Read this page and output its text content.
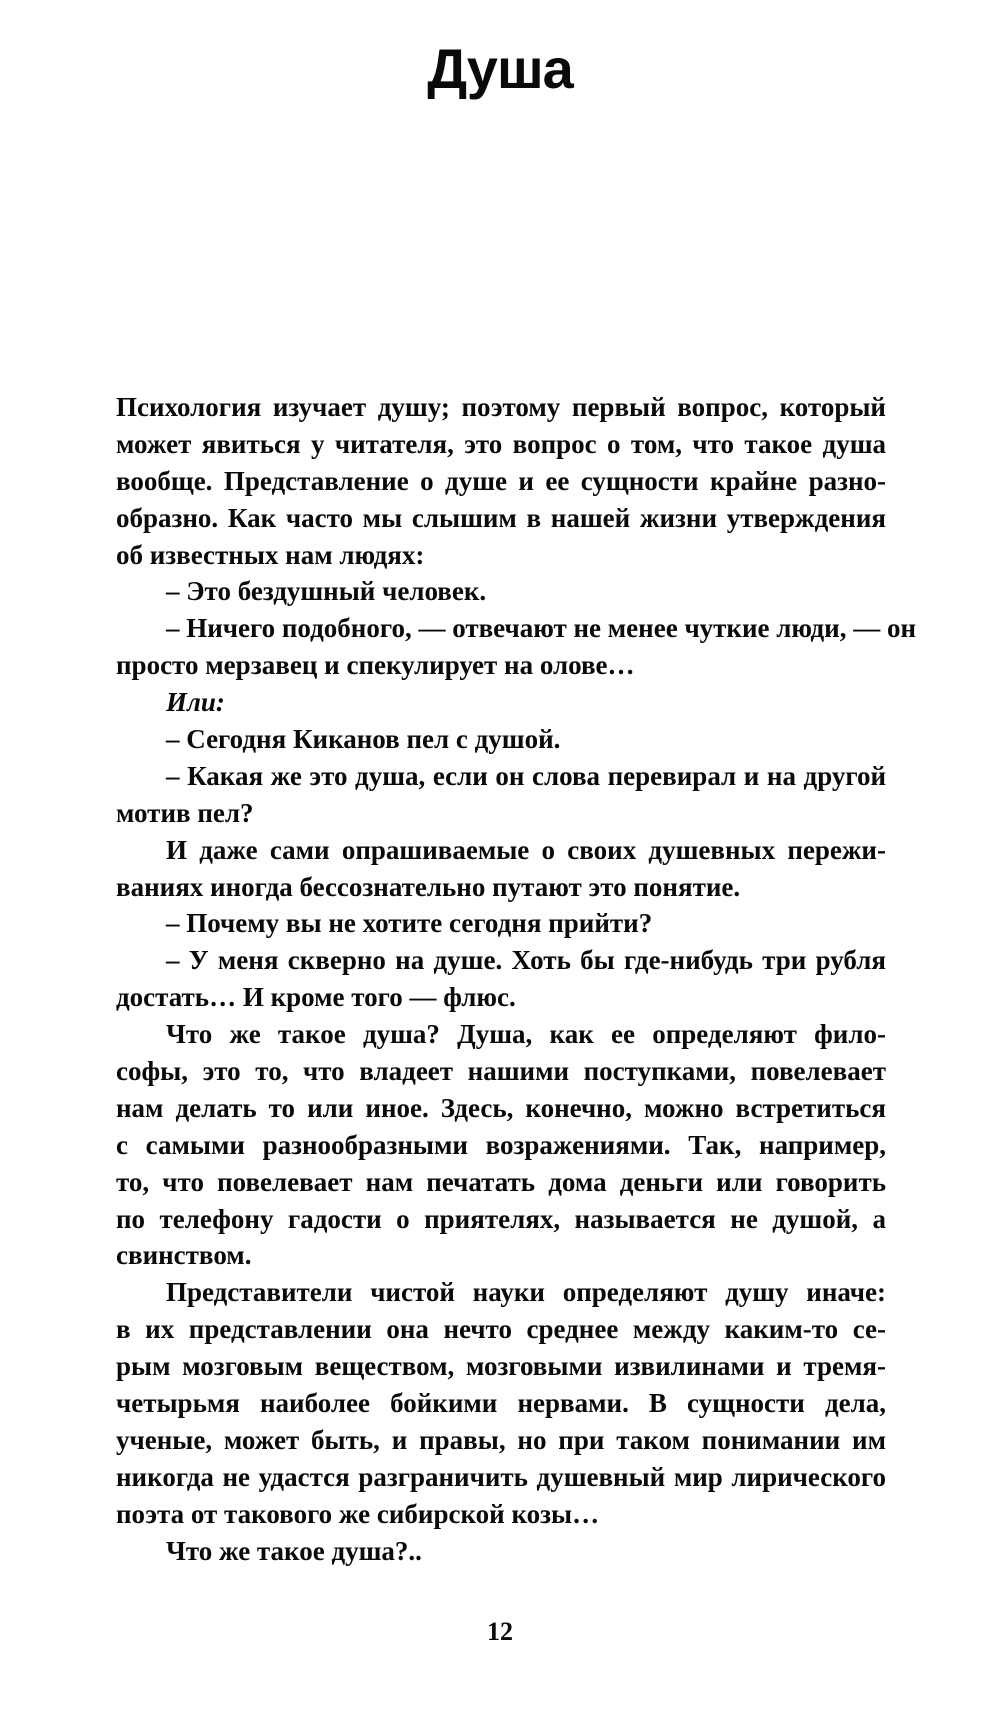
Душа
Психология изучает душу; поэтому первый вопрос, который
может явиться у читателя, это вопрос о том, что такое душа
вообще. Представление о душе и ее сущности крайне разно-
образно. Как часто мы слышим в нашей жизни утверждения
об известных нам людях:
– Это бездушный человек.
– Ничего подобного, — отвечают не менее чуткие люди, — он
просто мерзавец и спекулирует на олове…
Или:
– Сегодня Киканов пел с душой.
– Какая же это душа, если он слова перевирал и на другой
мотив пел?
И даже сами опрашиваемые о своих душевных пережи-
ваниях иногда бессознательно путают это понятие.
– Почему вы не хотите сегодня прийти?
– У меня скверно на душе. Хоть бы где-нибудь три рубля
достать… И кроме того — флюс.
Что же такое душа? Душа, как ее определяют фило-
софы, это то, что владеет нашими поступками, повелевает
нам делать то или иное. Здесь, конечно, можно встретиться
с самыми разнообразными возражениями. Так, например,
то, что повелевает нам печатать дома деньги или говорить
по телефону гадости о приятелях, называется не душой, а
свинством.
Представители чистой науки определяют душу иначе:
в их представлении она нечто среднее между каким-то се-
рым мозговым веществом, мозговыми извилинами и тремя-
четырьмя наиболее бойкими нервами. В сущности дела,
ученые, может быть, и правы, но при таком понимании им
никогда не удастся разграничить душевный мир лирического
поэта от такового же сибирской козы…
Что же такое душа?..
12
